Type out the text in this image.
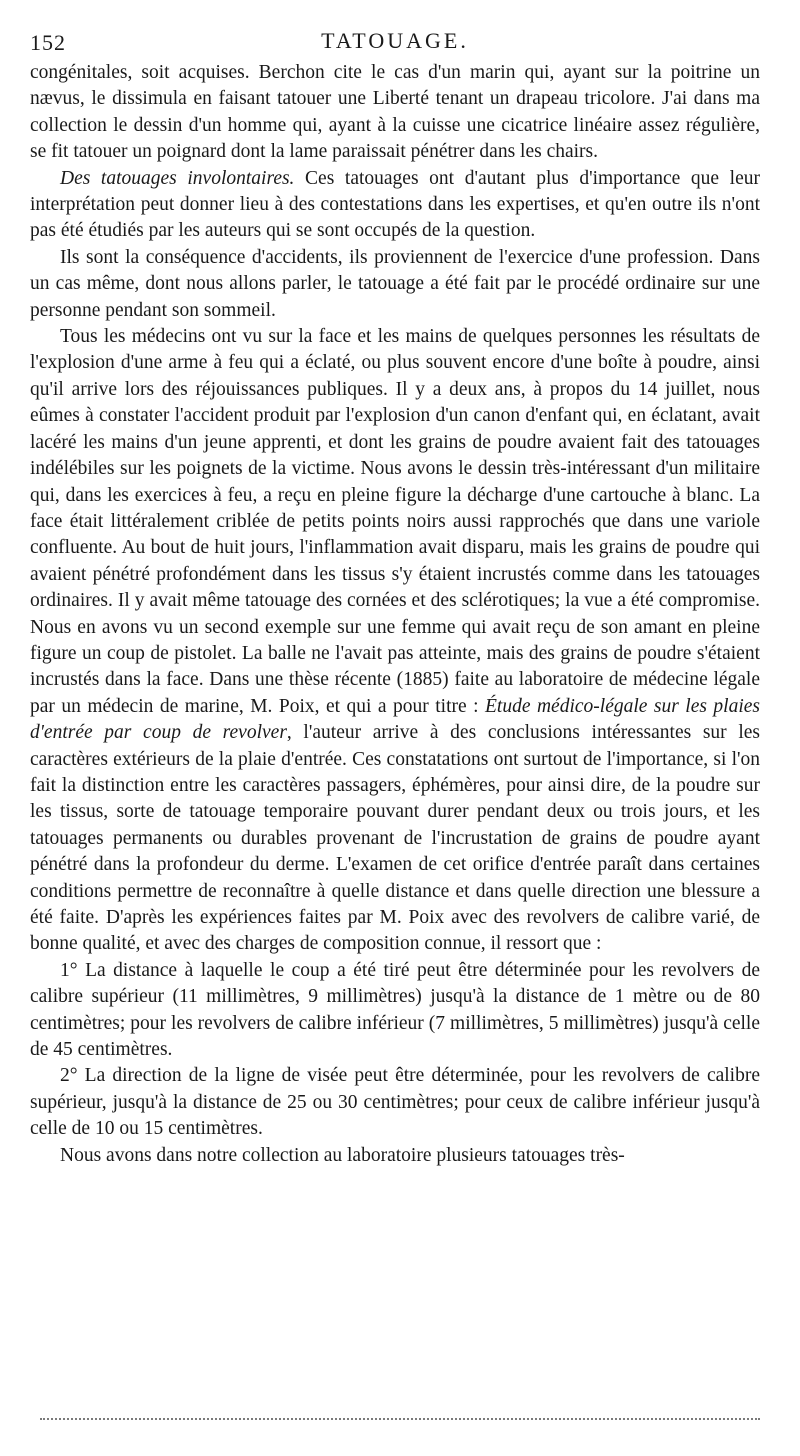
152	TATOUAGE.

congénitales, soit acquises. Berchon cite le cas d'un marin qui, ayant sur la poitrine un nævus, le dissimula en faisant tatouer une Liberté tenant un drapeau tricolore. J'ai dans ma collection le dessin d'un homme qui, ayant à la cuisse une cicatrice linéaire assez régulière, se fit tatouer un poignard dont la lame paraissait pénétrer dans les chairs.

Des tatouages involontaires. Ces tatouages ont d'autant plus d'importance que leur interprétation peut donner lieu à des contestations dans les expertises, et qu'en outre ils n'ont pas été étudiés par les auteurs qui se sont occupés de la question.

Ils sont la conséquence d'accidents, ils proviennent de l'exercice d'une profession. Dans un cas même, dont nous allons parler, le tatouage a été fait par le procédé ordinaire sur une personne pendant son sommeil.

Tous les médecins ont vu sur la face et les mains de quelques personnes les résultats de l'explosion d'une arme à feu qui a éclaté, ou plus souvent encore d'une boîte à poudre, ainsi qu'il arrive lors des réjouissances publiques. Il y a deux ans, à propos du 14 juillet, nous eûmes à constater l'accident produit par l'explosion d'un canon d'enfant qui, en éclatant, avait lacéré les mains d'un jeune apprenti, et dont les grains de poudre avaient fait des tatouages indélébiles sur les poignets de la victime. Nous avons le dessin très-intéressant d'un militaire qui, dans les exercices à feu, a reçu en pleine figure la décharge d'une cartouche à blanc. La face était littéralement criblée de petits points noirs aussi rapprochés que dans une variole confluente. Au bout de huit jours, l'inflammation avait disparu, mais les grains de poudre qui avaient pénétré profondément dans les tissus s'y étaient incrustés comme dans les tatouages ordinaires. Il y avait même tatouage des cornées et des sclérotiques; la vue a été compromise. Nous en avons vu un second exemple sur une femme qui avait reçu de son amant en pleine figure un coup de pistolet. La balle ne l'avait pas atteinte, mais des grains de poudre s'étaient incrustés dans la face. Dans une thèse récente (1885) faite au laboratoire de médecine légale par un médecin de marine, M. Poix, et qui a pour titre : Étude médico-légale sur les plaies d'entrée par coup de revolver, l'auteur arrive à des conclusions intéressantes sur les caractères extérieurs de la plaie d'entrée. Ces constatations ont surtout de l'importance, si l'on fait la distinction entre les caractères passagers, éphémères, pour ainsi dire, de la poudre sur les tissus, sorte de tatouage temporaire pouvant durer pendant deux ou trois jours, et les tatouages permanents ou durables provenant de l'incrustation de grains de poudre ayant pénétré dans la profondeur du derme. L'examen de cet orifice d'entrée paraît dans certaines conditions permettre de reconnaître à quelle distance et dans quelle direction une blessure a été faite. D'après les expériences faites par M. Poix avec des revolvers de calibre varié, de bonne qualité, et avec des charges de composition connue, il ressort que :

1° La distance à laquelle le coup a été tiré peut être déterminée pour les revolvers de calibre supérieur (11 millimètres, 9 millimètres) jusqu'à la distance de 1 mètre ou de 80 centimètres; pour les revolvers de calibre inférieur (7 millimètres, 5 millimètres) jusqu'à celle de 45 centimètres.

2° La direction de la ligne de visée peut être déterminée, pour les revolvers de calibre supérieur, jusqu'à la distance de 25 ou 30 centimètres; pour ceux de calibre inférieur jusqu'à celle de 10 ou 15 centimètres.

Nous avons dans notre collection au laboratoire plusieurs tatouages très-
